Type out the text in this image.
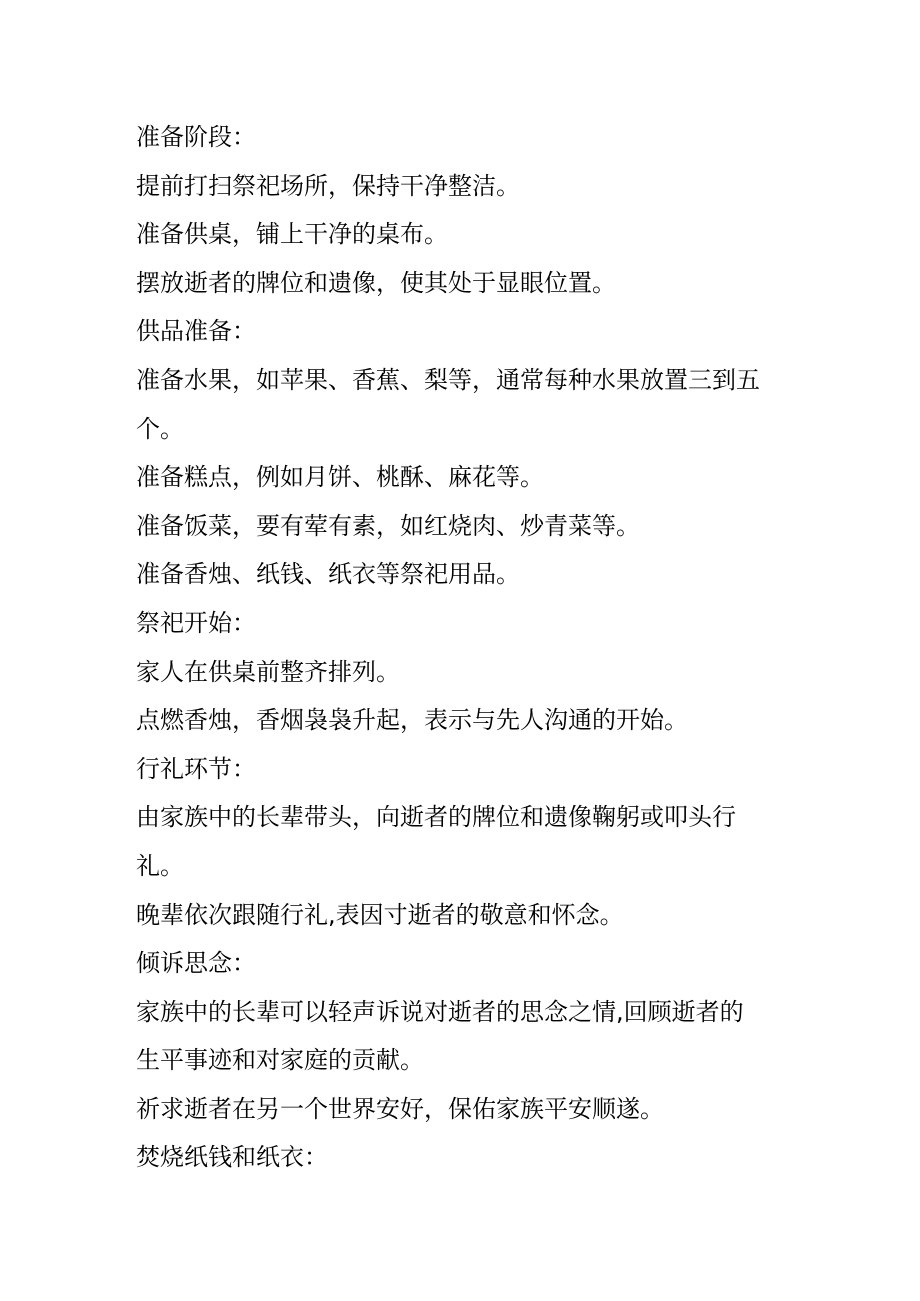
准备阶段：

提前打扫祭祀场所，保持干净整洁。

准备供桌，铺上干净的桌布。

摆放逝者的牌位和遗像，使其处于显眼位置。

供品准备：

准备水果，如苹果、香蕉、梨等，通常每种水果放置三到五

个。

准备糕点，例如月饼、桃酥、麻花等。

准备饭菜，要有荤有素，如红烧肉、炒青菜等。

准备香烛、纸钱、纸衣等祭祀用品。

祭祀开始：

家人在供桌前整齐排列。

点燃香烛，香烟袅袅升起，表示与先人沟通的开始。

行礼环节：

由家族中的长辈带头，向逝者的牌位和遗像鞠躬或叩头行

礼。

晚辈依次跟随行礼,表因寸逝者的敬意和怀念。

倾诉思念：

家族中的长辈可以轻声诉说对逝者的思念之情,回顾逝者的

生平事迹和对家庭的贡献。

祈求逝者在另一个世界安好，保佑家族平安顺遂。

焚烧纸钱和纸衣：
